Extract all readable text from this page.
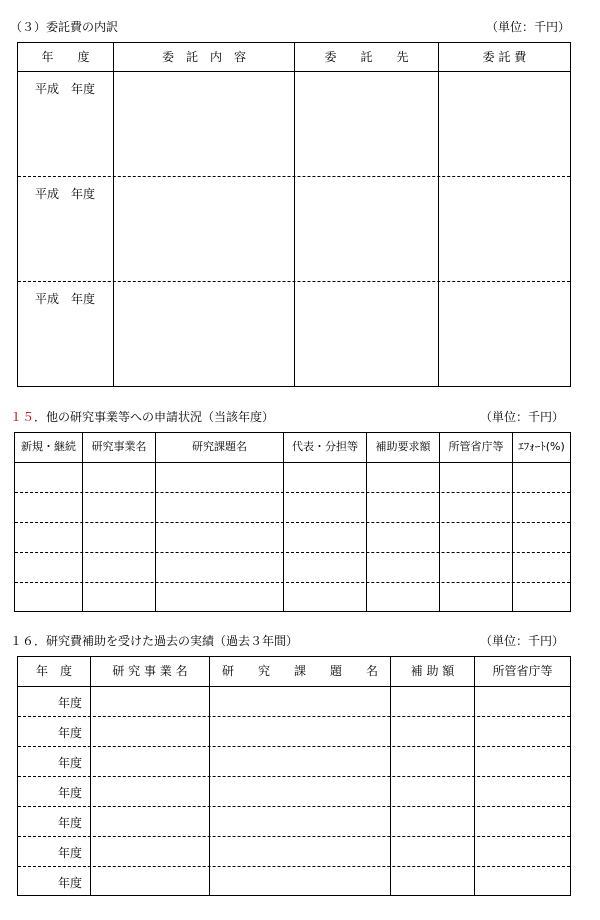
（３）委託費の内訳	（単位：千円）
年　　度	委　託　内　容	委　　託　　先	委 託 費
平成　年度
平成　年度
平成　年度
１５．他の研究事業等への申請状況（当該年度）	（単位：千円）
新規・継続	研究事業名	研究課題名	代表・分担等	補助要求額	所管省庁等	ｴﾌｫｰﾄ(%)
１６．研究費補助を受けた過去の実績（過去３年間）	（単位：千円）
年　度	研 究 事 業 名	研　　究　　課　　題　　名	補 助 額	所管省庁等
年度
年度
年度
年度
年度
年度
年度
